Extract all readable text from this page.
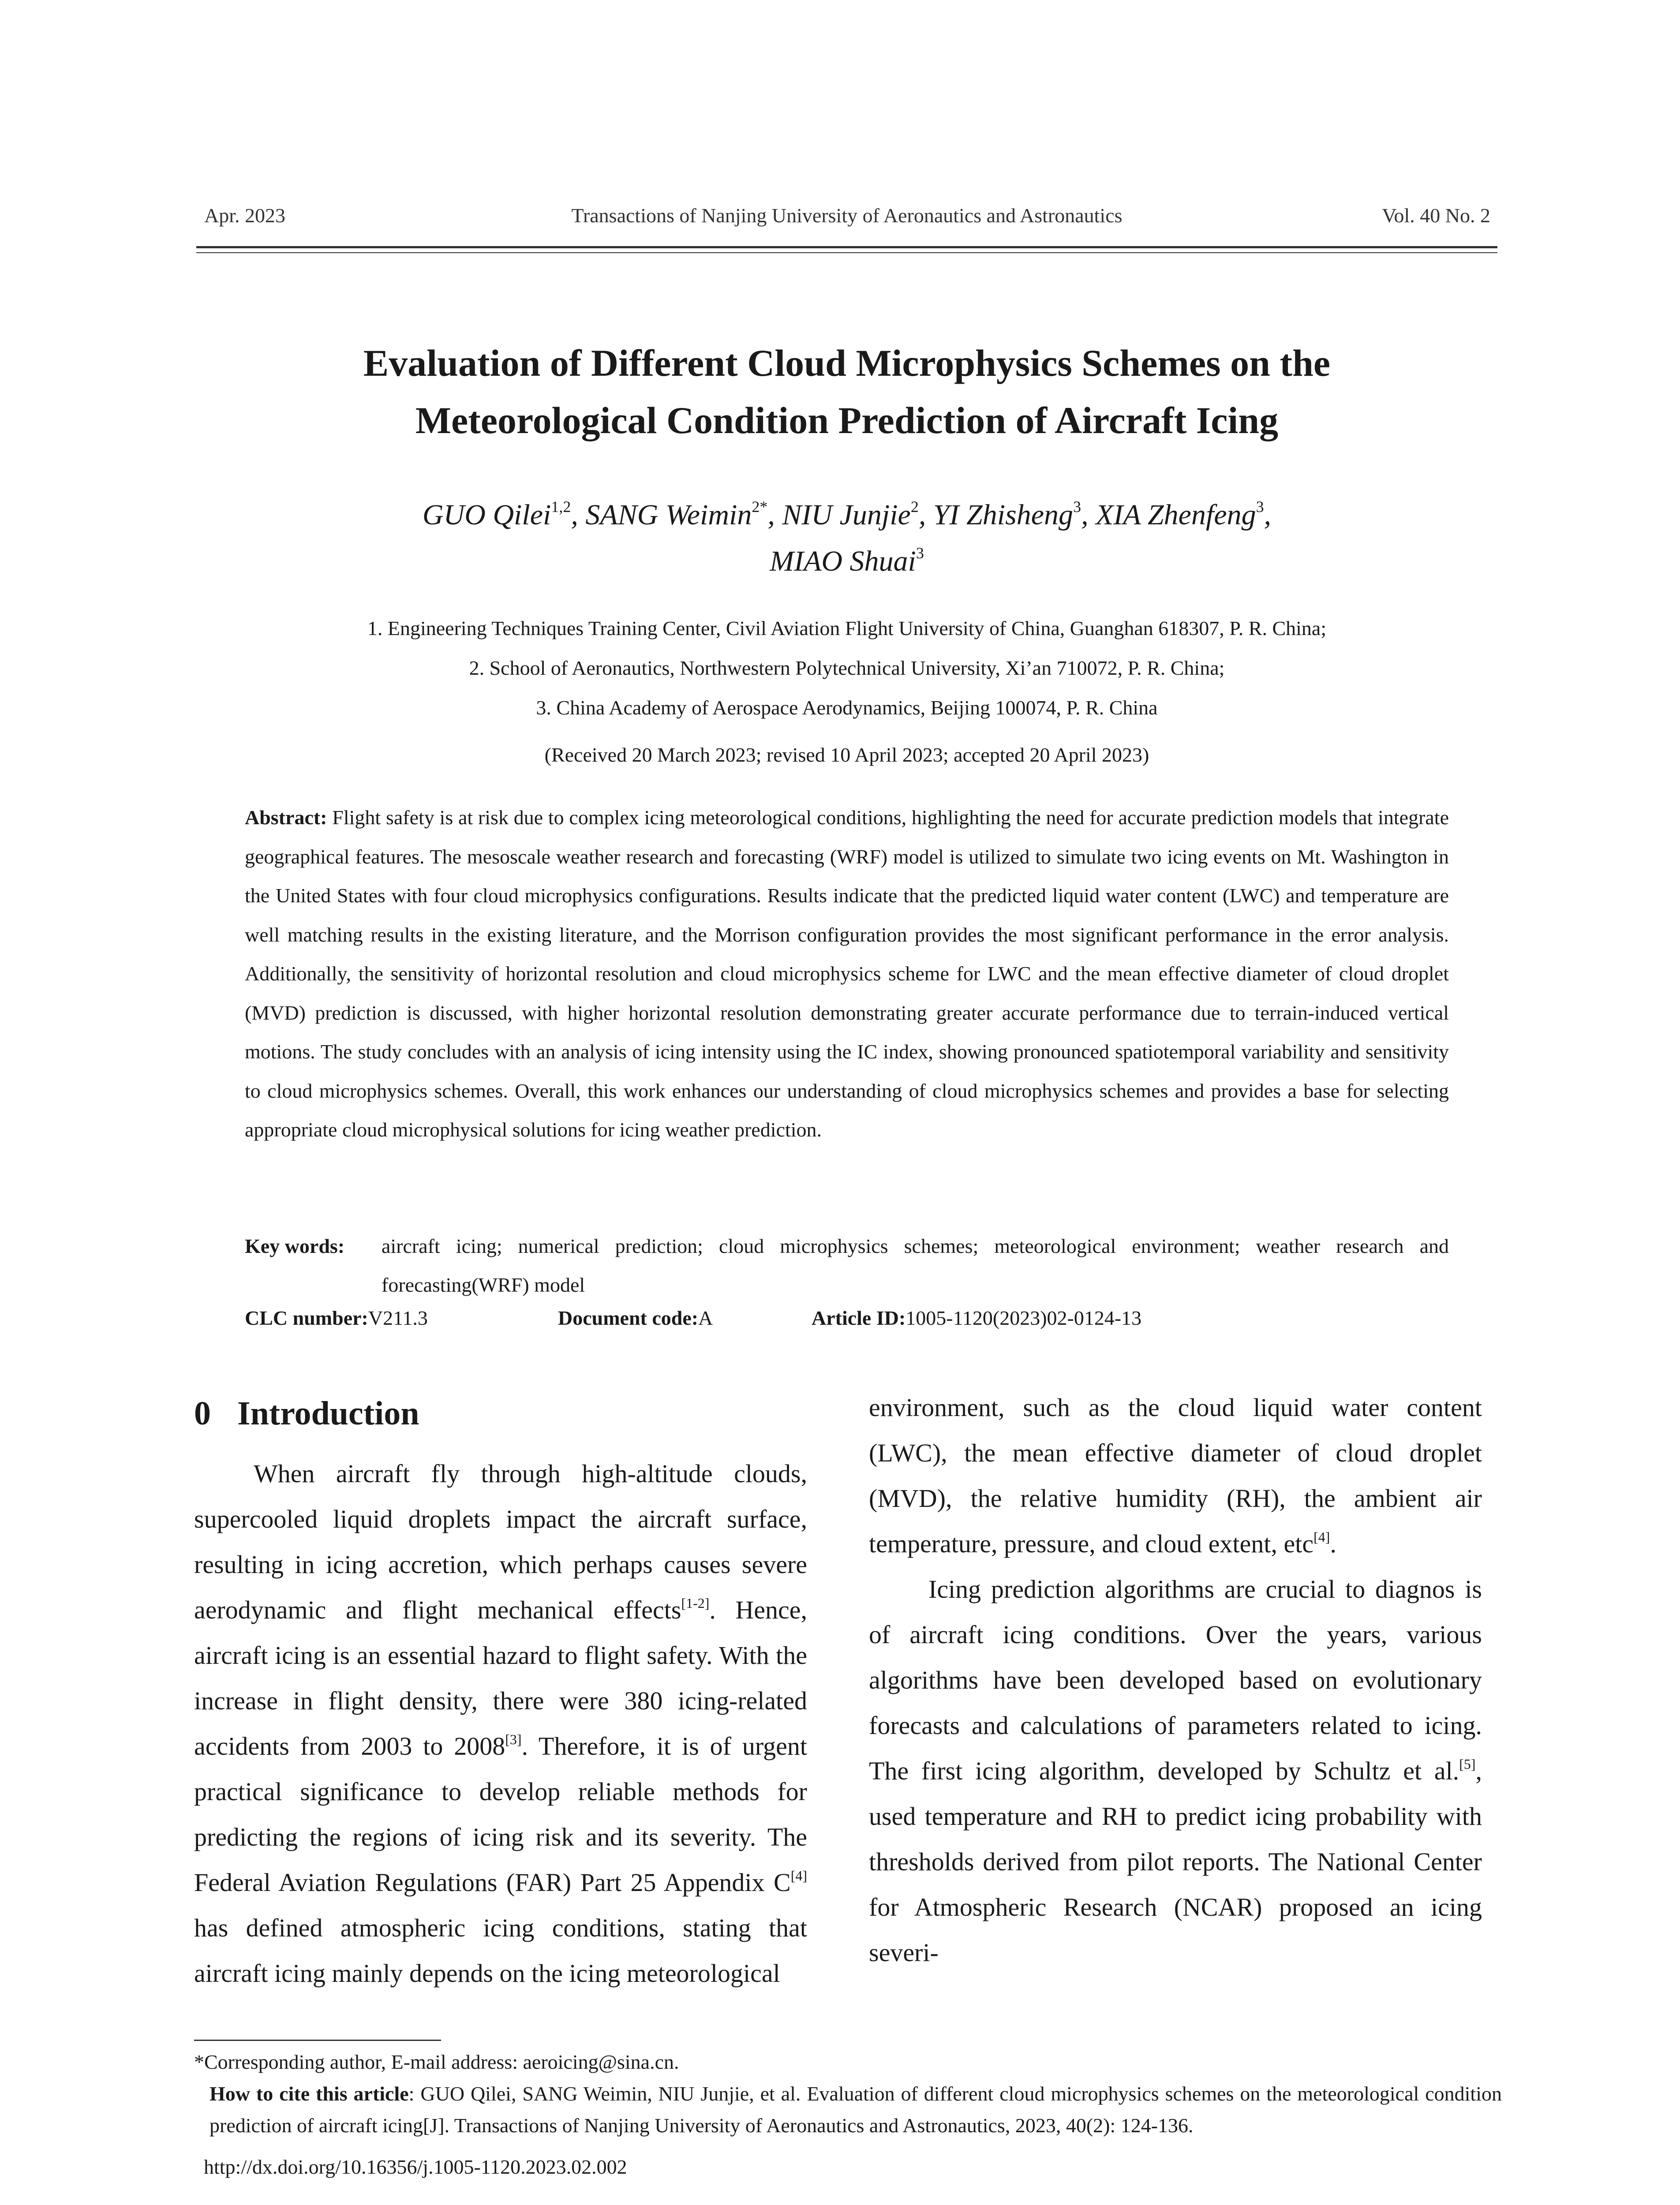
Apr. 2023	Transactions of Nanjing University of Aeronautics and Astronautics	Vol. 40 No. 2
Evaluation of Different Cloud Microphysics Schemes on the
Meteorological Condition Prediction of Aircraft Icing
GUO Qilei$^{1,2}$, SANG Weimin$^{2*}$, NIU Junjie$^2$, YI Zhisheng$^3$, XIA Zhenfeng$^3$,
MIAO Shuai$^3$
1. Engineering Techniques Training Center, Civil Aviation Flight University of China, Guanghan 618307, P. R. China;
2. School of Aeronautics, Northwestern Polytechnical University, Xi’an 710072, P. R. China;
3. China Academy of Aerospace Aerodynamics, Beijing 100074, P. R. China
(Received 20 March 2023; revised 10 April 2023; accepted 20 April 2023)
Abstract: Flight safety is at risk due to complex icing meteorological conditions, highlighting the need for accurate prediction models that integrate geographical features. The mesoscale weather research and forecasting (WRF) model is utilized to simulate two icing events on Mt. Washington in the United States with four cloud microphysics configurations. Results indicate that the predicted liquid water content (LWC) and temperature are well matching results in the existing literature, and the Morrison configuration provides the most significant performance in the error analysis. Additionally, the sensitivity of horizontal resolution and cloud microphysics scheme for LWC and the mean effective diameter of cloud droplet (MVD) prediction is discussed, with higher horizontal resolution demonstrating greater accurate performance due to terrain-induced vertical motions. The study concludes with an analysis of icing intensity using the IC index, showing pronounced spatiotemporal variability and sensitivity to cloud microphysics schemes. Overall, this work enhances our understanding of cloud microphysics schemes and provides a base for selecting appropriate cloud microphysical solutions for icing weather prediction.
Key words: aircraft icing; numerical prediction; cloud microphysics schemes; meteorological environment; weather research and forecasting(WRF) model
CLC number:V211.3	Document code:A	Article ID:1005-1120(2023)02-0124-13
0 Introduction

When aircraft fly through high-altitude clouds, supercooled liquid droplets impact the aircraft surface, resulting in icing accretion, which perhaps causes severe aerodynamic and flight mechanical effects[1-2]. Hence, aircraft icing is an essential hazard to flight safety. With the increase in flight density, there were 380 icing-related accidents from 2003 to 2008[3]. Therefore, it is of urgent practical significance to develop reliable methods for predicting the regions of icing risk and its severity. The Federal Aviation Regulations (FAR) Part 25 Appendix C[4] has defined atmospheric icing conditions, stating that aircraft icing mainly depends on the icing meteorological

environment, such as the cloud liquid water content (LWC), the mean effective diameter of cloud droplet (MVD), the relative humidity (RH), the ambient air temperature, pressure, and cloud extent, etc[4].

Icing prediction algorithms are crucial to diagnos is of aircraft icing conditions. Over the years, various algorithms have been developed based on evolutionary forecasts and calculations of parameters related to icing. The first icing algorithm, developed by Schultz et al.[5], used temperature and RH to predict icing probability with thresholds derived from pilot reports. The National Center for Atmospheric Research (NCAR) proposed an icing severi-

*Corresponding author, E-mail address: aeroicing@sina.cn.

How to cite this article: GUO Qilei, SANG Weimin, NIU Junjie, et al. Evaluation of different cloud microphysics schemes on the meteorological condition prediction of aircraft icing[J]. Transactions of Nanjing University of Aeronautics and Astronautics, 2023, 40(2): 124-136.

http://dx.doi.org/10.16356/j.1005-1120.2023.02.002
